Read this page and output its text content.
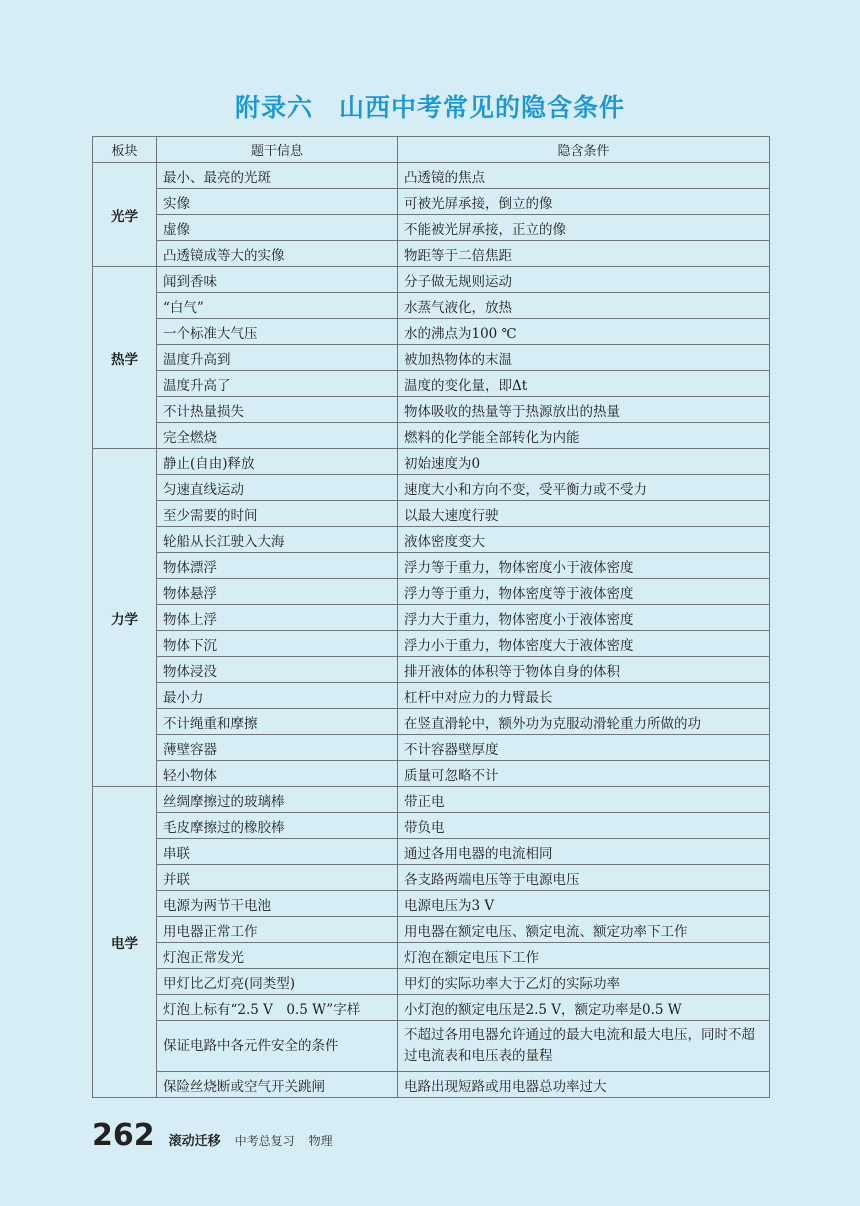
附录六　山西中考常见的隐含条件
板块	题干信息	隐含条件
光学	最小、最亮的光斑	凸透镜的焦点
	实像	可被光屏承接，倒立的像
	虚像	不能被光屏承接，正立的像
	凸透镜成等大的实像	物距等于二倍焦距
热学	闻到香味	分子做无规则运动
	“白气”	水蒸气液化，放热
	一个标准大气压	水的沸点为100 ℃
	温度升高到	被加热物体的末温
	温度升高了	温度的变化量，即Δt
	不计热量损失	物体吸收的热量等于热源放出的热量
	完全燃烧	燃料的化学能全部转化为内能
力学	静止(自由)释放	初始速度为0
	匀速直线运动	速度大小和方向不变，受平衡力或不受力
	至少需要的时间	以最大速度行驶
	轮船从长江驶入大海	液体密度变大
	物体漂浮	浮力等于重力，物体密度小于液体密度
	物体悬浮	浮力等于重力，物体密度等于液体密度
	物体上浮	浮力大于重力，物体密度小于液体密度
	物体下沉	浮力小于重力，物体密度大于液体密度
	物体浸没	排开液体的体积等于物体自身的体积
	最小力	杠杆中对应力的力臂最长
	不计绳重和摩擦	在竖直滑轮中，额外功为克服动滑轮重力所做的功
	薄壁容器	不计容器壁厚度
	轻小物体	质量可忽略不计
电学	丝绸摩擦过的玻璃棒	带正电
	毛皮摩擦过的橡胶棒	带负电
	串联	通过各用电器的电流相同
	并联	各支路两端电压等于电源电压
	电源为两节干电池	电源电压为3 V
	用电器正常工作	用电器在额定电压、额定电流、额定功率下工作
	灯泡正常发光	灯泡在额定电压下工作
	甲灯比乙灯亮(同类型)	甲灯的实际功率大于乙灯的实际功率
	灯泡上标有“2.5 V　0.5 W”字样	小灯泡的额定电压是2.5 V，额定功率是0.5 W
	保证电路中各元件安全的条件	不超过各用电器允许通过的最大电流和最大电压，同时不超过电流表和电压表的量程
	保险丝烧断或空气开关跳闸	电路出现短路或用电器总功率过大
262 滚动迁移 中考总复习 物理
